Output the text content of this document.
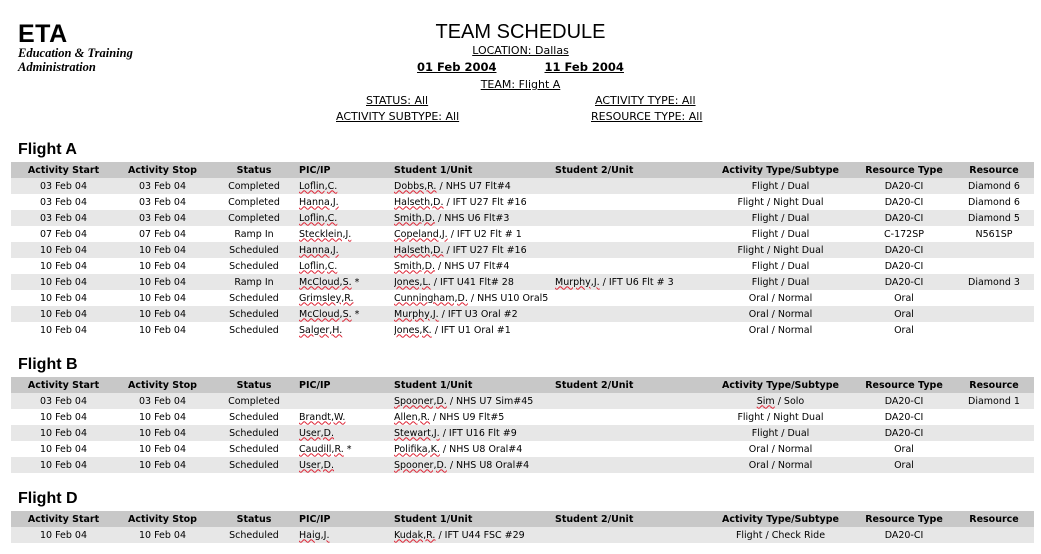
ETA
Education & Training
Administration
TEAM SCHEDULE
LOCATION: Dallas
01 Feb 2004	11 Feb 2004
TEAM: Flight A
STATUS: All	ACTIVITY TYPE: All
ACTIVITY SUBTYPE: All	RESOURCE TYPE: All
Flight A
Activity Start	Activity Stop	Status	PIC/IP	Student 1/Unit	Student 2/Unit	Activity Type/Subtype	Resource Type	Resource
03 Feb 04	03 Feb 04	Completed	Loflin,C.	Dobbs,R. / NHS U7 Flt#4		Flight / Dual	DA20-CI	Diamond 6
03 Feb 04	03 Feb 04	Completed	Hanna,J.	Halseth,D. / IFT U27 Flt #16		Flight / Night Dual	DA20-CI	Diamond 6
03 Feb 04	03 Feb 04	Completed	Loflin,C.	Smith,D. / NHS U6 Flt#3		Flight / Dual	DA20-CI	Diamond 5
07 Feb 04	07 Feb 04	Ramp In	Stecklein,J.	Copeland,J. / IFT U2 Flt # 1		Flight / Dual	C-172SP	N561SP
10 Feb 04	10 Feb 04	Scheduled	Hanna,J.	Halseth,D. / IFT U27 Flt #16		Flight / Night Dual	DA20-CI	
10 Feb 04	10 Feb 04	Scheduled	Loflin,C.	Smith,D. / NHS U7 Flt#4		Flight / Dual	DA20-CI	
10 Feb 04	10 Feb 04	Ramp In	McCloud,S. *	Jones,L. / IFT U41 Flt# 28	Murphy,J. / IFT U6 Flt # 3	Flight / Dual	DA20-CI	Diamond 3
10 Feb 04	10 Feb 04	Scheduled	Grimsley,R.	Cunningham,D. / NHS U10 Oral5		Oral / Normal	Oral	
10 Feb 04	10 Feb 04	Scheduled	McCloud,S. *	Murphy,J. / IFT U3 Oral #2		Oral / Normal	Oral	
10 Feb 04	10 Feb 04	Scheduled	Salger,H.	Jones,K. / IFT U1 Oral #1		Oral / Normal	Oral	
Flight B
Activity Start	Activity Stop	Status	PIC/IP	Student 1/Unit	Student 2/Unit	Activity Type/Subtype	Resource Type	Resource
03 Feb 04	03 Feb 04	Completed		Spooner,D. / NHS U7 Sim#45		Sim / Solo	DA20-CI	Diamond 1
10 Feb 04	10 Feb 04	Scheduled	Brandt,W.	Allen,R. / NHS U9 Flt#5		Flight / Night Dual	DA20-CI	
10 Feb 04	10 Feb 04	Scheduled	User,D.	Stewart,J. / IFT U16 Flt #9		Flight / Dual	DA20-CI	
10 Feb 04	10 Feb 04	Scheduled	Caudill,R. *	Polifika,K. / NHS U8 Oral#4		Oral / Normal	Oral	
10 Feb 04	10 Feb 04	Scheduled	User,D.	Spooner,D. / NHS U8 Oral#4		Oral / Normal	Oral	
Flight D
Activity Start	Activity Stop	Status	PIC/IP	Student 1/Unit	Student 2/Unit	Activity Type/Subtype	Resource Type	Resource
10 Feb 04	10 Feb 04	Scheduled	Haig,J.	Kudak,R. / IFT U44 FSC #29		Flight / Check Ride	DA20-CI	
